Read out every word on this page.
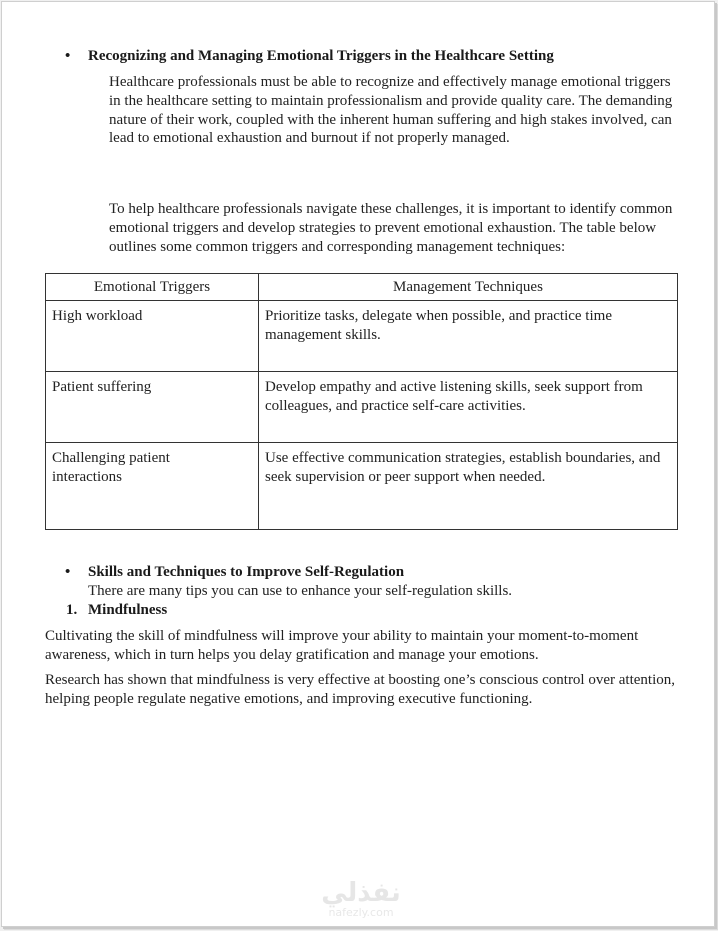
• Recognizing and Managing Emotional Triggers in the Healthcare Setting
Healthcare professionals must be able to recognize and effectively manage emotional triggers in the healthcare setting to maintain professionalism and provide quality care. The demanding nature of their work, coupled with the inherent human suffering and high stakes involved, can lead to emotional exhaustion and burnout if not properly managed.
To help healthcare professionals navigate these challenges, it is important to identify common emotional triggers and develop strategies to prevent emotional exhaustion. The table below outlines some common triggers and corresponding management techniques:
Emotional Triggers	Management Techniques
High workload	Prioritize tasks, delegate when possible, and practice time management skills.
Patient suffering	Develop empathy and active listening skills, seek support from colleagues, and practice self-care activities.
Challenging patient interactions	Use effective communication strategies, establish boundaries, and seek supervision or peer support when needed.
• Skills and Techniques to Improve Self-Regulation
There are many tips you can use to enhance your self-regulation skills.
1. Mindfulness
Cultivating the skill of mindfulness will improve your ability to maintain your moment-to-moment awareness, which in turn helps you delay gratification and manage your emotions.
Research has shown that mindfulness is very effective at boosting one’s conscious control over attention, helping people regulate negative emotions, and improving executive functioning.
نفذلي
nafezly.com
